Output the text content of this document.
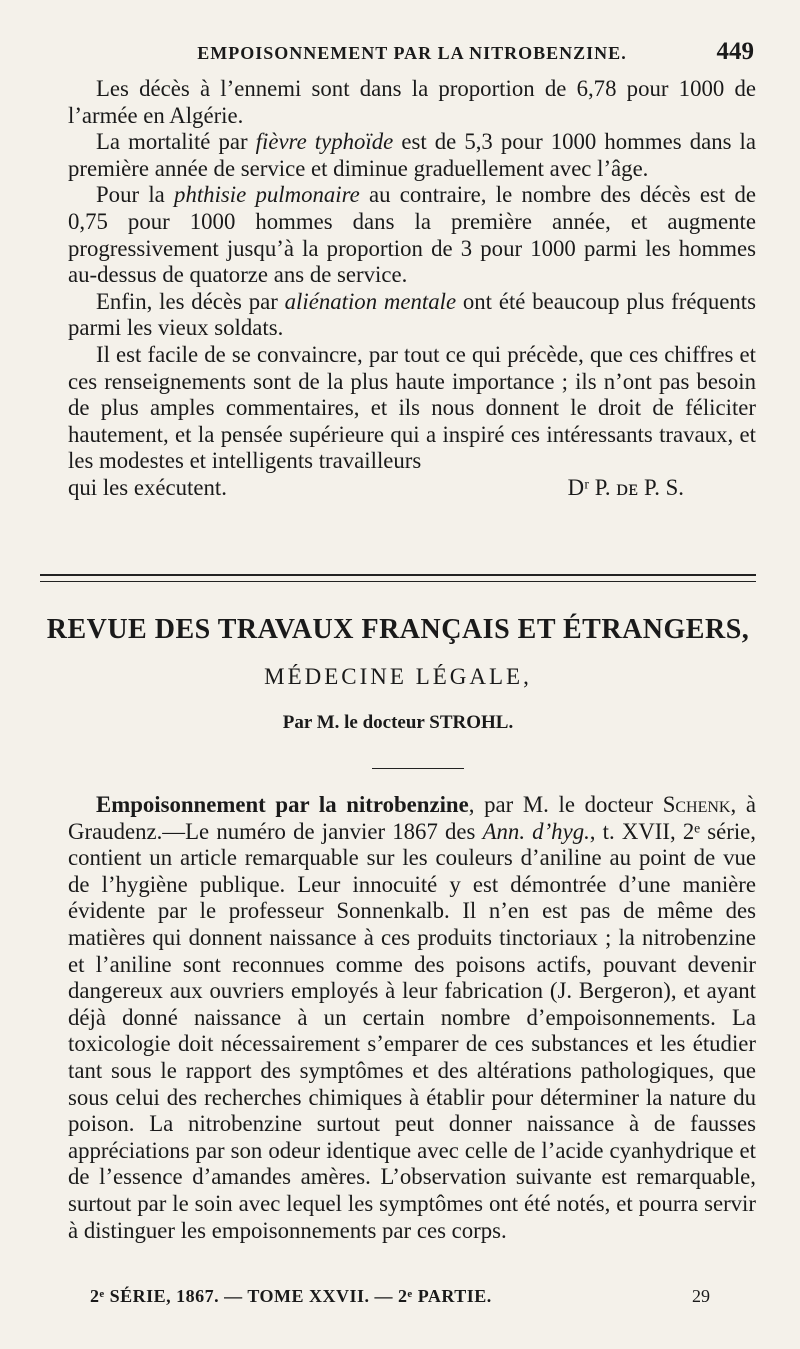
EMPOISONNEMENT PAR LA NITROBENZINE.	449

Les décès à l’ennemi sont dans la proportion de 6,78 pour 1000 de l’armée en Algérie.

La mortalité par fièvre typhoïde est de 5,3 pour 1000 hommes dans la première année de service et diminue graduellement avec l’âge.

Pour la phthisie pulmonaire au contraire, le nombre des décès est de 0,75 pour 1000 hommes dans la première année, et augmente progressivement jusqu’à la proportion de 3 pour 1000 parmi les hommes au-dessus de quatorze ans de service.

Enfin, les décès par aliénation mentale ont été beaucoup plus fréquents parmi les vieux soldats.

Il est facile de se convaincre, par tout ce qui précède, que ces chiffres et ces renseignements sont de la plus haute importance ; ils n’ont pas besoin de plus amples commentaires, et ils nous donnent le droit de féliciter hautement, et la pensée supérieure qui a inspiré ces intéressants travaux, et les modestes et intelligents travailleurs

qui les exécutent.	Dʳ P. ᴅᴇ P. S.
REVUE DES TRAVAUX FRANÇAIS ET ÉTRANGERS,
MÉDECINE LÉGALE,
Par M. le docteur STROHL.

Empoisonnement par la nitrobenzine, par M. le docteur Schenk, à Graudenz.—Le numéro de janvier 1867 des Ann. d’hyg., t. XVII, 2ᵉ série, contient un article remarquable sur les couleurs d’aniline au point de vue de l’hygiène publique. Leur innocuité y est démontrée d’une manière évidente par le professeur Sonnenkalb. Il n’en est pas de même des matières qui donnent naissance à ces produits tinctoriaux ; la nitrobenzine et l’aniline sont reconnues comme des poisons actifs, pouvant devenir dangereux aux ouvriers employés à leur fabrication (J. Bergeron), et ayant déjà donné naissance à un certain nombre d’empoisonnements. La toxicologie doit nécessairement s’emparer de ces substances et les étudier tant sous le rapport des symptômes et des altérations pathologiques, que sous celui des recherches chimiques à établir pour déterminer la nature du poison. La nitrobenzine surtout peut donner naissance à de fausses appréciations par son odeur identique avec celle de l’acide cyanhydrique et de l’essence d’amandes amères. L’observation suivante est remarquable, surtout par le soin avec lequel les symptômes ont été notés, et pourra servir à distinguer les empoisonnements par ces corps.

2ᵉ SÉRIE, 1867. — TOME XXVII. — 2ᵉ PARTIE.	29
